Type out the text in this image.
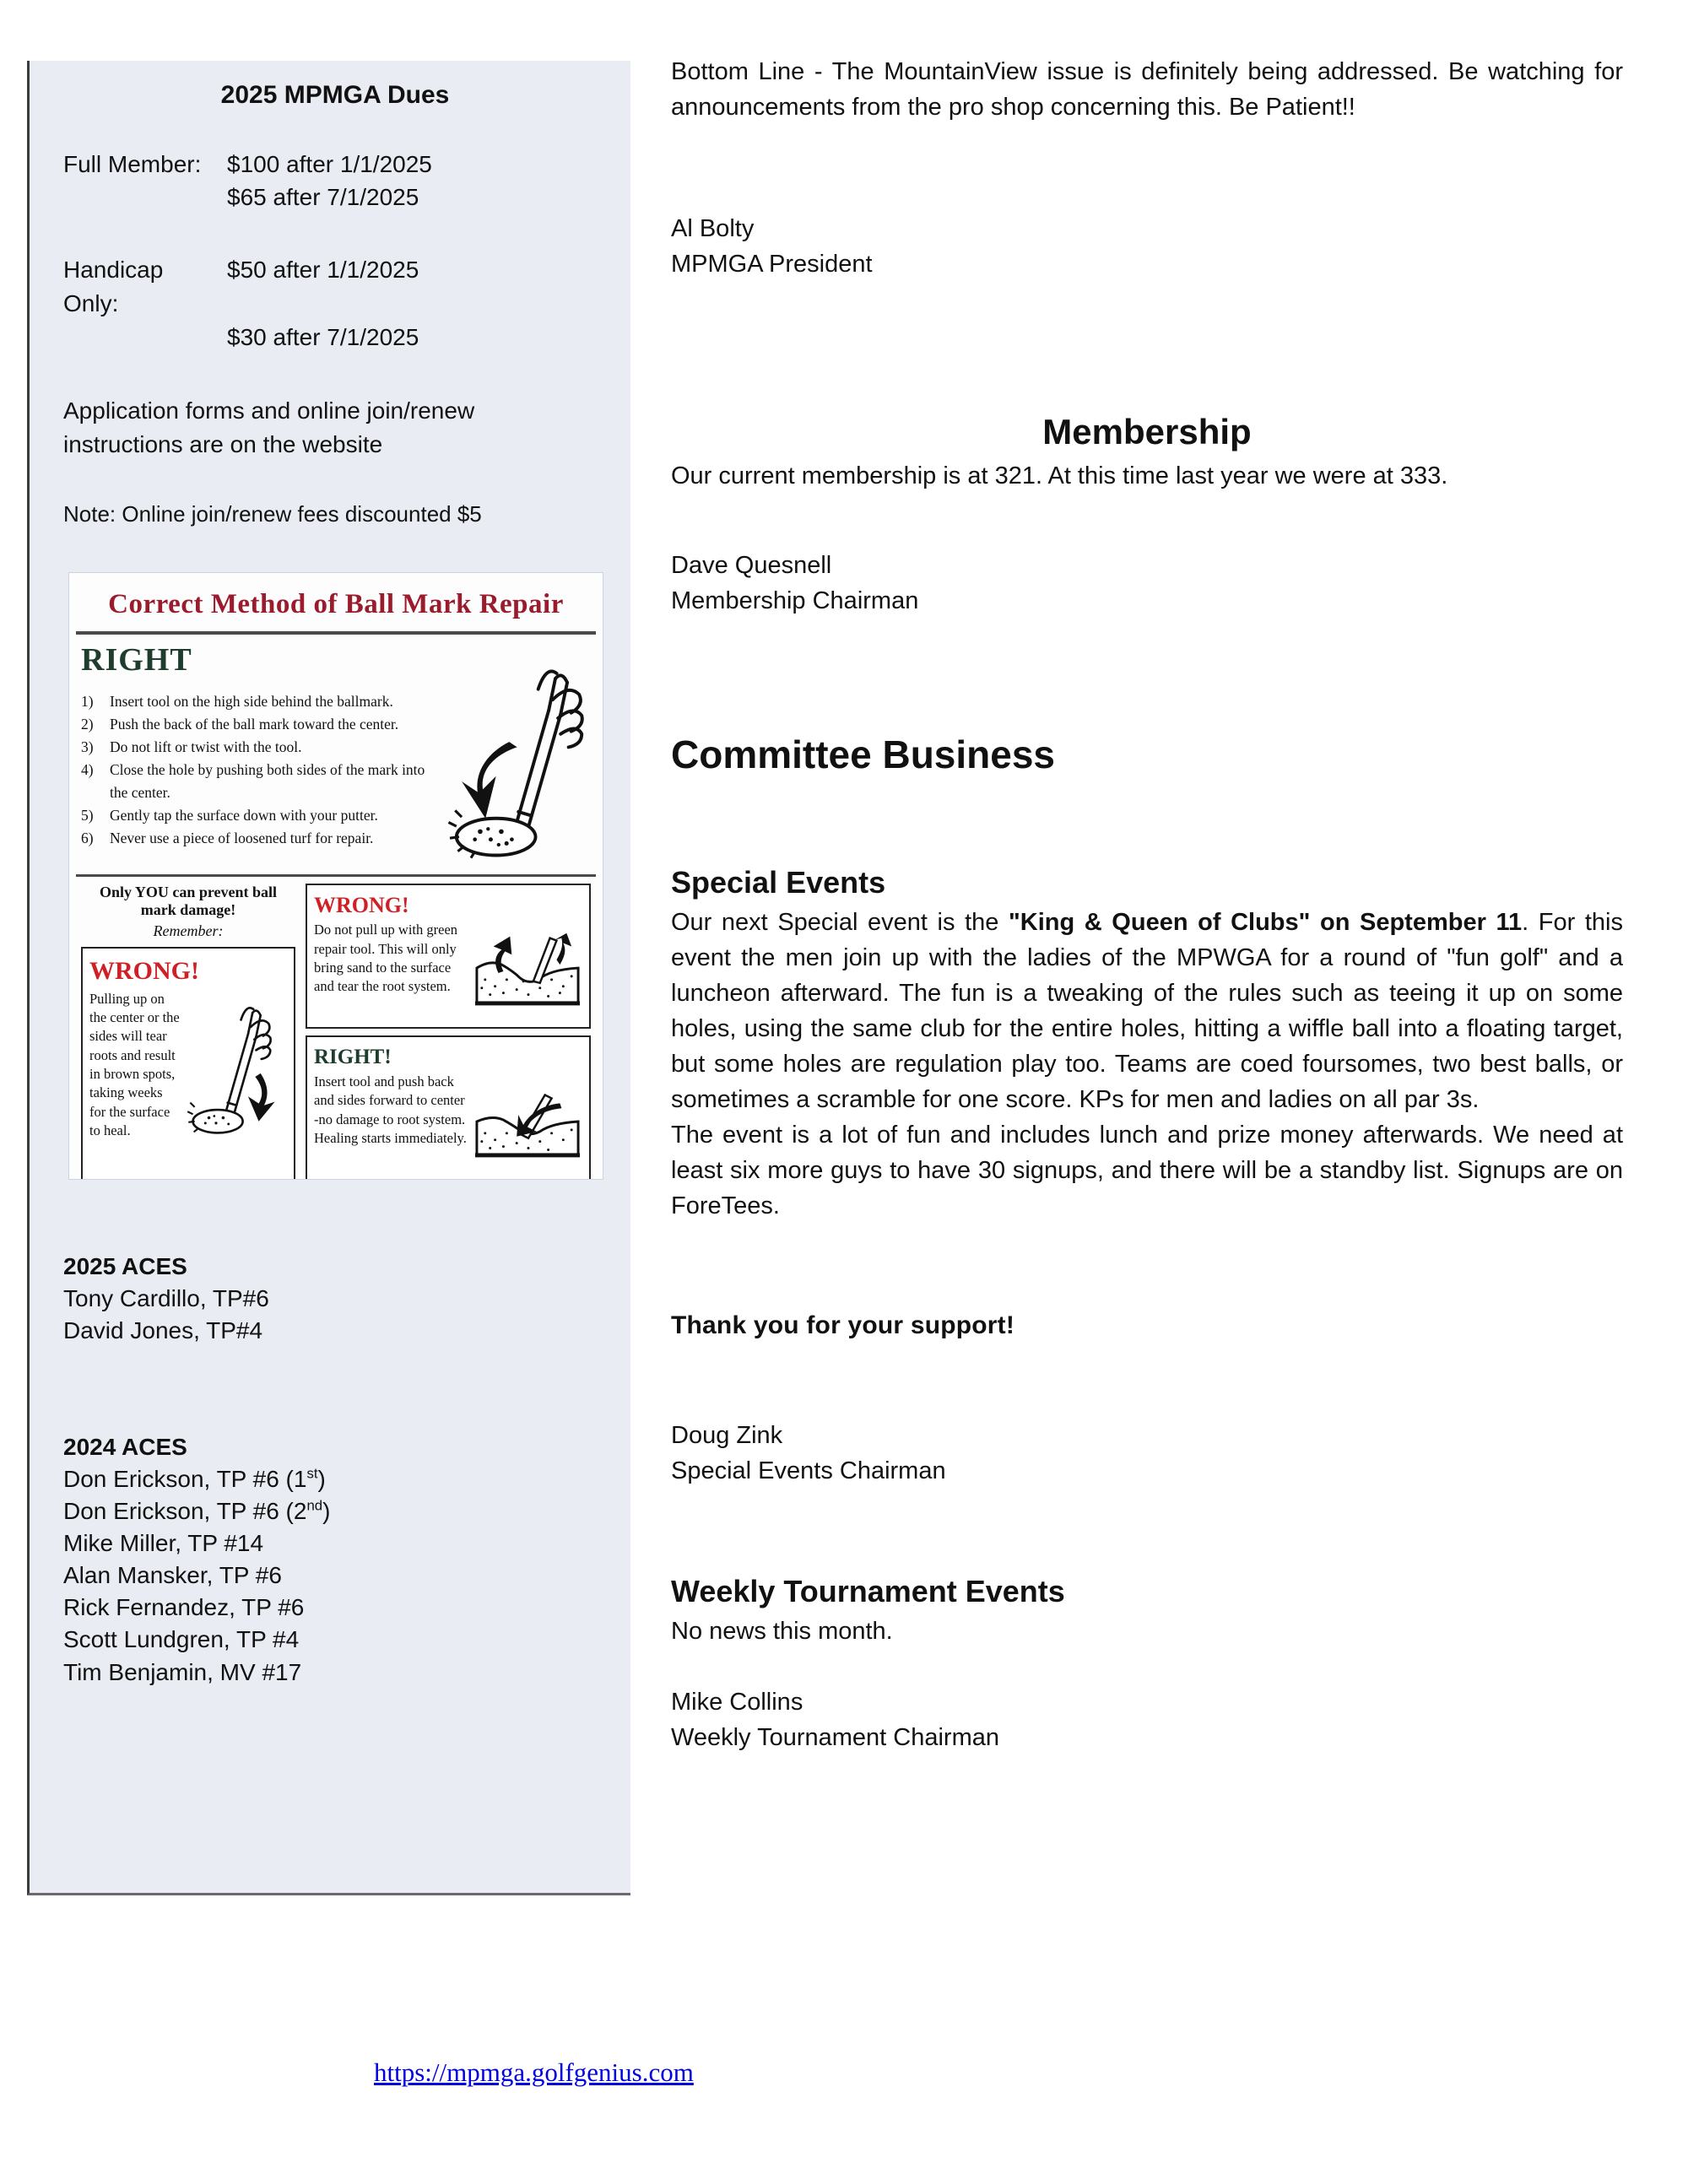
2025 MPMGA Dues
Full Member:	$100 after 1/1/2025
$65 after 7/1/2025
Handicap Only:
$50 after 1/1/2025
$30 after 7/1/2025
Application forms and online join/renew instructions are on the website
Note: Online join/renew fees discounted $5
Correct Method of Ball Mark Repair
RIGHT
Insert tool on the high side behind the ballmark.
Push the back of the ball mark toward the center.
Do not lift or twist with the tool.
Close the hole by pushing both sides of the mark into the center.
Gently tap the surface down with your putter.
Never use a piece of loosened turf for repair.
Only YOU can prevent ball mark damage!
Remember:
WRONG!
Pulling up on the center or the sides will tear roots and result in brown spots, taking weeks for the surface to heal.
WRONG!
Do not pull up with green repair tool. This will only bring sand to the surface and tear the root system.
RIGHT!
Insert tool and push back and sides forward to center -no damage to root system. Healing starts immediately.
2025 ACES
Tony Cardillo, TP#6
David Jones, TP#4
2024 ACES
Don Erickson, TP #6 (1st)
Don Erickson, TP #6 (2nd)
Mike Miller, TP #14
Alan Mansker, TP #6
Rick Fernandez, TP #6
Scott Lundgren, TP #4
Tim Benjamin, MV #17

Bottom Line - The MountainView issue is definitely being addressed. Be watching for announcements from the pro shop concerning this. Be Patient!!

Al Bolty
MPMGA President
Membership

Our current membership is at 321. At this time last year we were at 333.

Dave Quesnell
Membership Chairman
Committee Business
Special Events

Our next Special event is the "King & Queen of Clubs" on September 11. For this event the men join up with the ladies of the MPWGA for a round of "fun golf" and a luncheon afterward. The fun is a tweaking of the rules such as teeing it up on some holes, using the same club for the entire holes, hitting a wiffle ball into a floating target, but some holes are regulation play too. Teams are coed foursomes, two best balls, or sometimes a scramble for one score. KPs for men and ladies on all par 3s.

The event is a lot of fun and includes lunch and prize money afterwards. We need at least six more guys to have 30 signups, and there will be a standby list. Signups are on ForeTees.

Thank you for your support!
Doug Zink
Special Events Chairman
Weekly Tournament Events

No news this month.

Mike Collins
Weekly Tournament Chairman
https://mpmga.golfgenius.com
